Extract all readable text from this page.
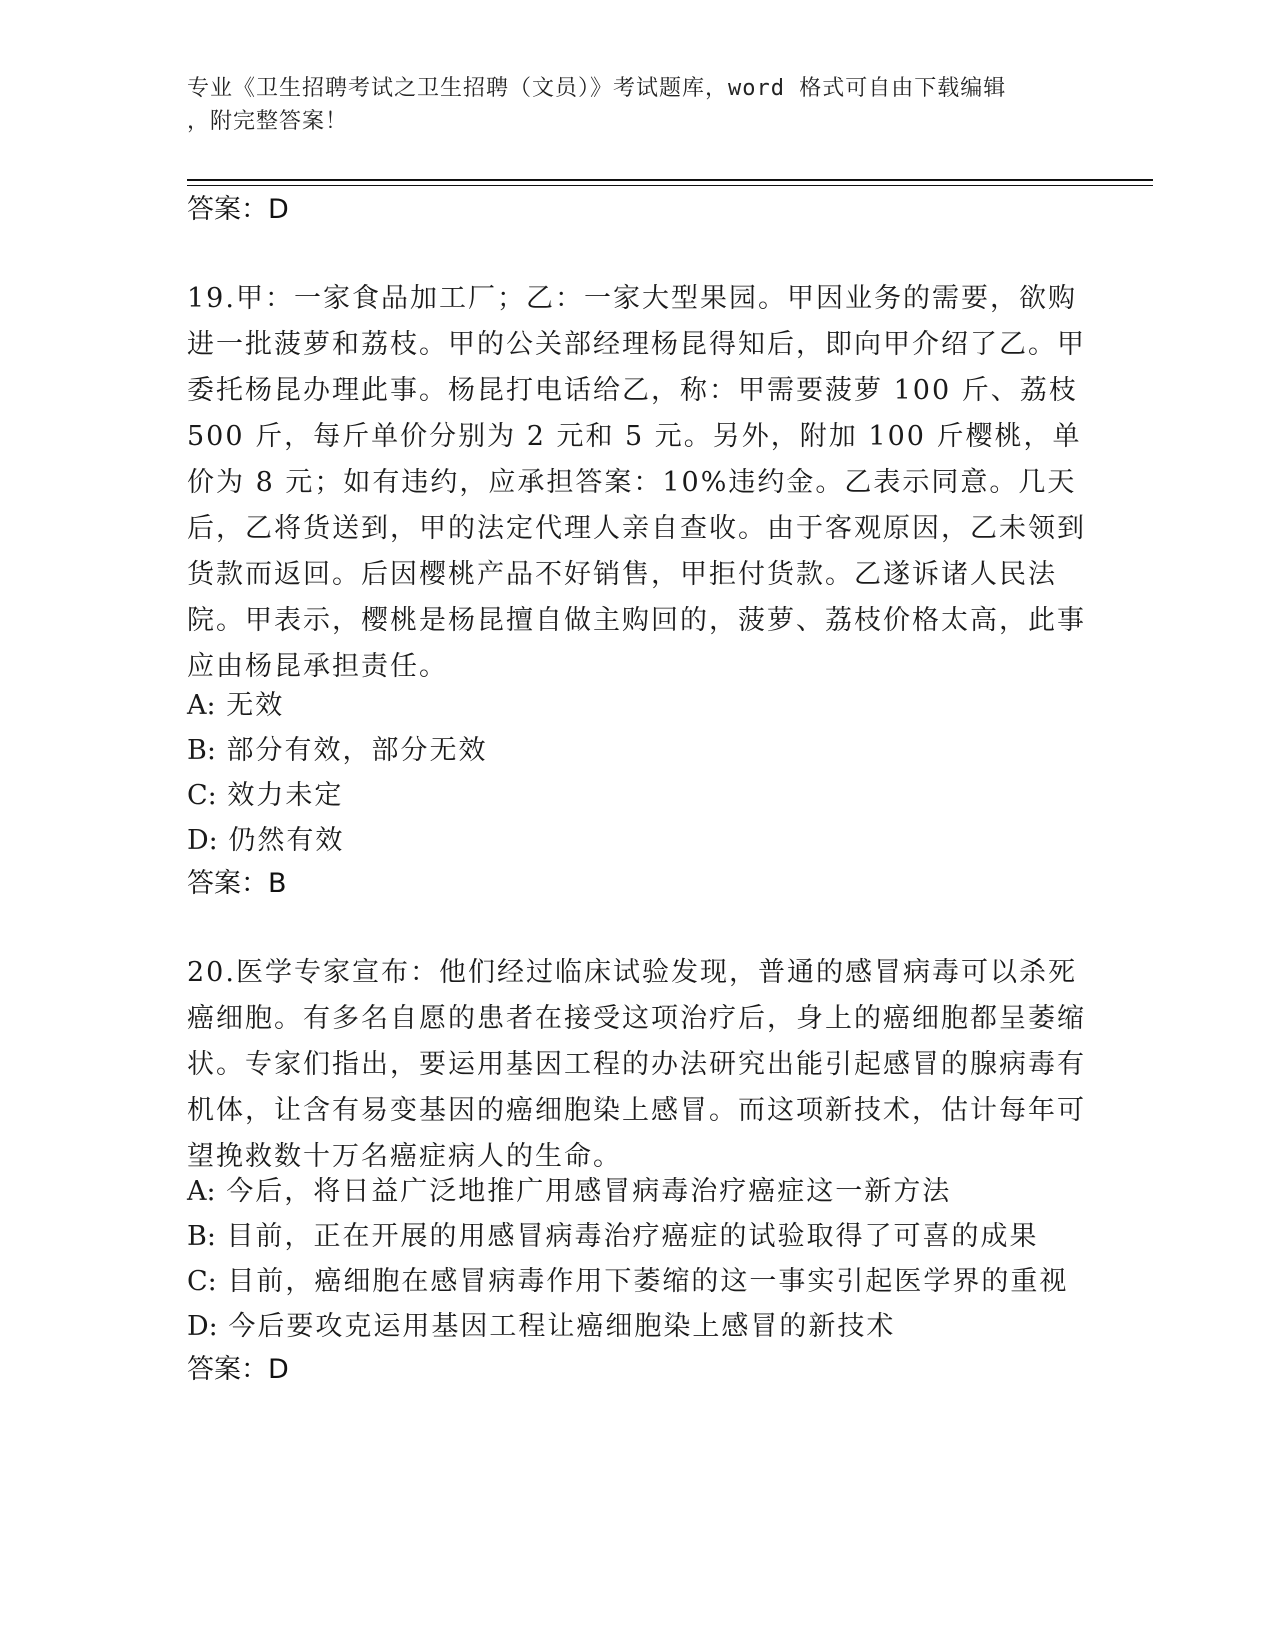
专业《卫生招聘考试之卫生招聘（文员）》考试题库，word 格式可自由下载编辑
，附完整答案！
答案：D

19.甲：一家食品加工厂；乙：一家大型果园。甲因业务的需要，欲购进一批菠萝和荔枝。甲的公关部经理杨昆得知后，即向甲介绍了乙。甲委托杨昆办理此事。杨昆打电话给乙，称：甲需要菠萝 100 斤、荔枝 500 斤，每斤单价分别为 2 元和 5 元。另外，附加 100 斤樱桃，单价为 8 元；如有违约，应承担答案：10%违约金。乙表示同意。几天后，乙将货送到，甲的法定代理人亲自查收。由于客观原因，乙未领到货款而返回。后因樱桃产品不好销售，甲拒付货款。乙遂诉诸人民法院。甲表示，樱桃是杨昆擅自做主购回的，菠萝、荔枝价格太高，此事应由杨昆承担责任。

A: 无效
B: 部分有效，部分无效
C: 效力未定
D: 仍然有效
答案：B

20.医学专家宣布：他们经过临床试验发现，普通的感冒病毒可以杀死癌细胞。有多名自愿的患者在接受这项治疗后，身上的癌细胞都呈萎缩状。专家们指出，要运用基因工程的办法研究出能引起感冒的腺病毒有机体，让含有易变基因的癌细胞染上感冒。而这项新技术，估计每年可望挽救数十万名癌症病人的生命。

A: 今后，将日益广泛地推广用感冒病毒治疗癌症这一新方法
B: 目前，正在开展的用感冒病毒治疗癌症的试验取得了可喜的成果
C: 目前，癌细胞在感冒病毒作用下萎缩的这一事实引起医学界的重视
D: 今后要攻克运用基因工程让癌细胞染上感冒的新技术
答案：D
